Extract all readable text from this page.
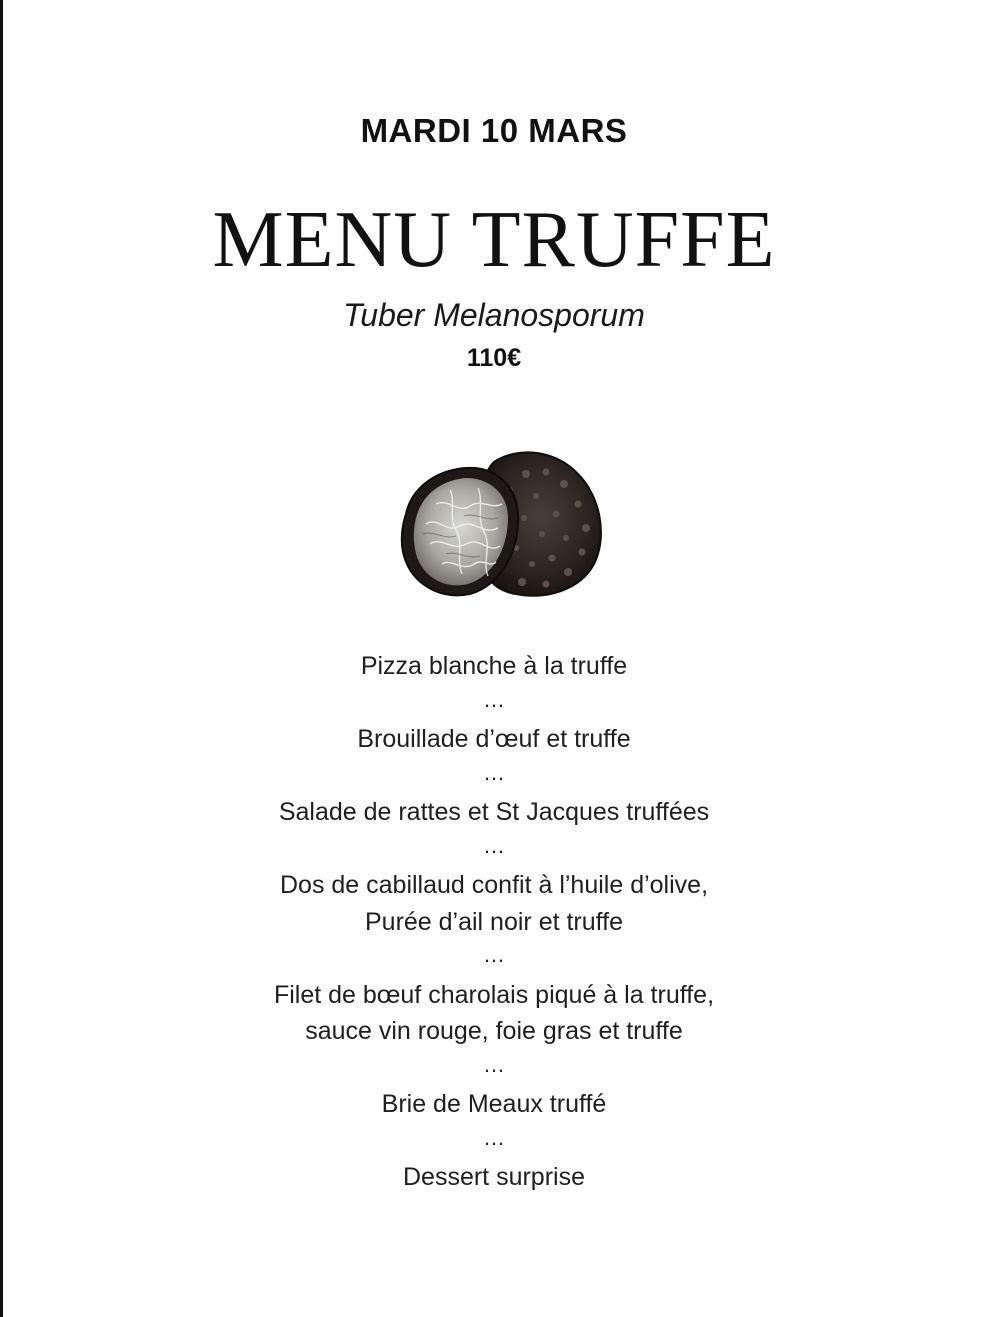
MARDI 10 MARS
MENU TRUFFE
Tuber Melanosporum
110€
Pizza blanche à la truffe
…
Brouillade d’œuf et truffe
…
Salade de rattes et St Jacques truffées
…
Dos de cabillaud confit à l’huile d’olive,
Purée d’ail noir et truffe
…
Filet de bœuf charolais piqué à la truffe,
sauce vin rouge, foie gras et truffe
…
Brie de Meaux truffé
…
Dessert surprise
